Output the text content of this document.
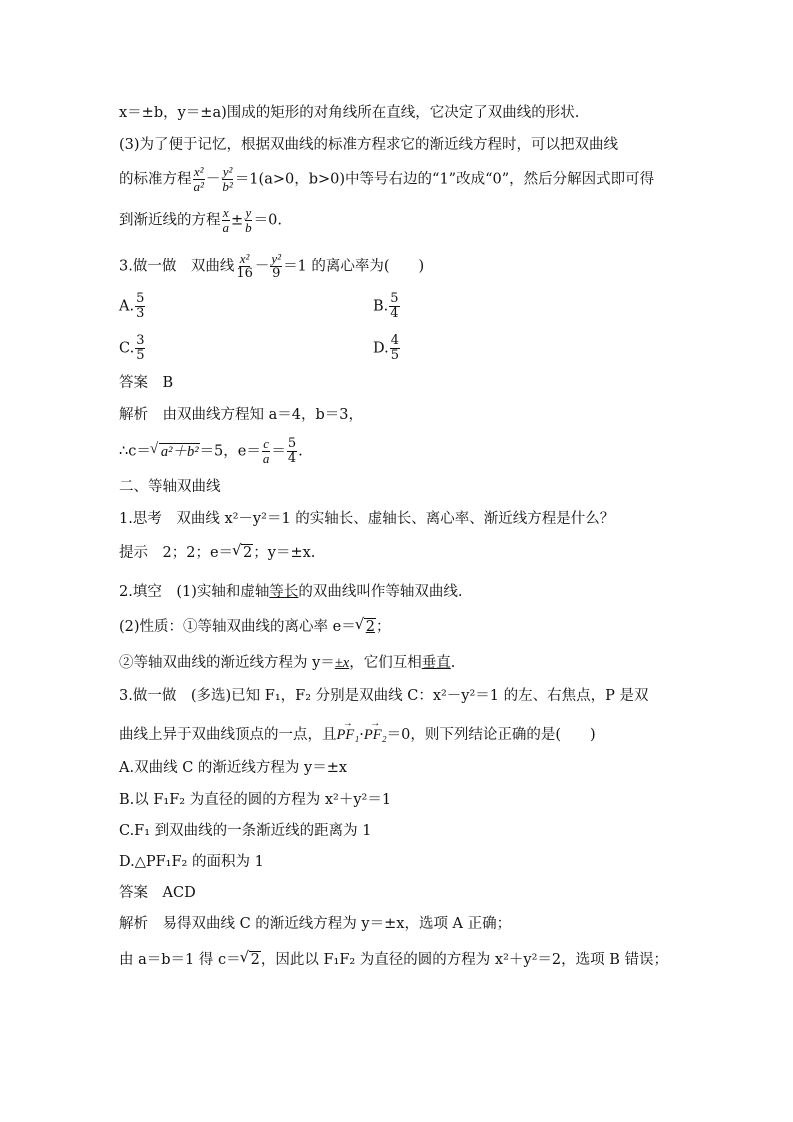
x＝±b，y＝±a)围成的矩形的对角线所在直线，它决定了双曲线的形状.
(3)为了便于记忆，根据双曲线的标准方程求它的渐近线方程时，可以把双曲线
的标准方程 $\frac{\text{x²}}{\text{a²}} - \frac{\text{y²}}{\text{b²}} =1(a>0$，b>0)中等号右边的“1”改成“0”，然后分解因式即可得
到渐近线的方程 $\frac{x}{a} \pm \frac{y}{b} =0$.
3.做一做　双曲线 $\frac{\text{x²}}{16} - \frac{\text{y²}}{9} =1$ 的离心率为(　　)
A. $\frac{5}{3}$	B. $\frac{5}{4}$
C. $\frac{3}{5}$	D. $\frac{4}{5}$
答案　B
解析　由双曲线方程知 a＝4，b＝3，
∴c＝ √ a²＋b²＝5，$e= \frac{c}{a} = \frac{5}{4}$ .
二、等轴双曲线
1.思考　双曲线 x²－y²＝1 的实轴长、虚轴长、离心率、渐近线方程是什么？
提示　2；2；e＝ √ 2；y＝±x.
2.填空　(1)实轴和虚轴等长的双曲线叫作等轴双曲线.
(2)性质：①等轴双曲线的离心率 e＝ √ 2；
②等轴双曲线的渐近线方程为 y＝±x，它们互相垂直.
3.做一做　(多选)已知 F₁，F₂ 分别是双曲线 C：x²－y²＝1 的左、右焦点，P 是双
曲线上异于双曲线顶点的一点，且→ PF₁·→ PF₂＝0，则下列结论正确的是(　　)
A.双曲线 C 的渐近线方程为 y＝±x
B.以 F₁F₂ 为直径的圆的方程为 x²＋y²＝1
C.F₁ 到双曲线的一条渐近线的距离为 1
D.△PF₁F₂ 的面积为 1
答案　ACD
解析　易得双曲线 C 的渐近线方程为 y＝±x，选项 A 正确；
由 a＝b＝1 得 c＝ √ 2，因此以 F₁F₂ 为直径的圆的方程为 x²＋y²＝2，选项 B 错误；
